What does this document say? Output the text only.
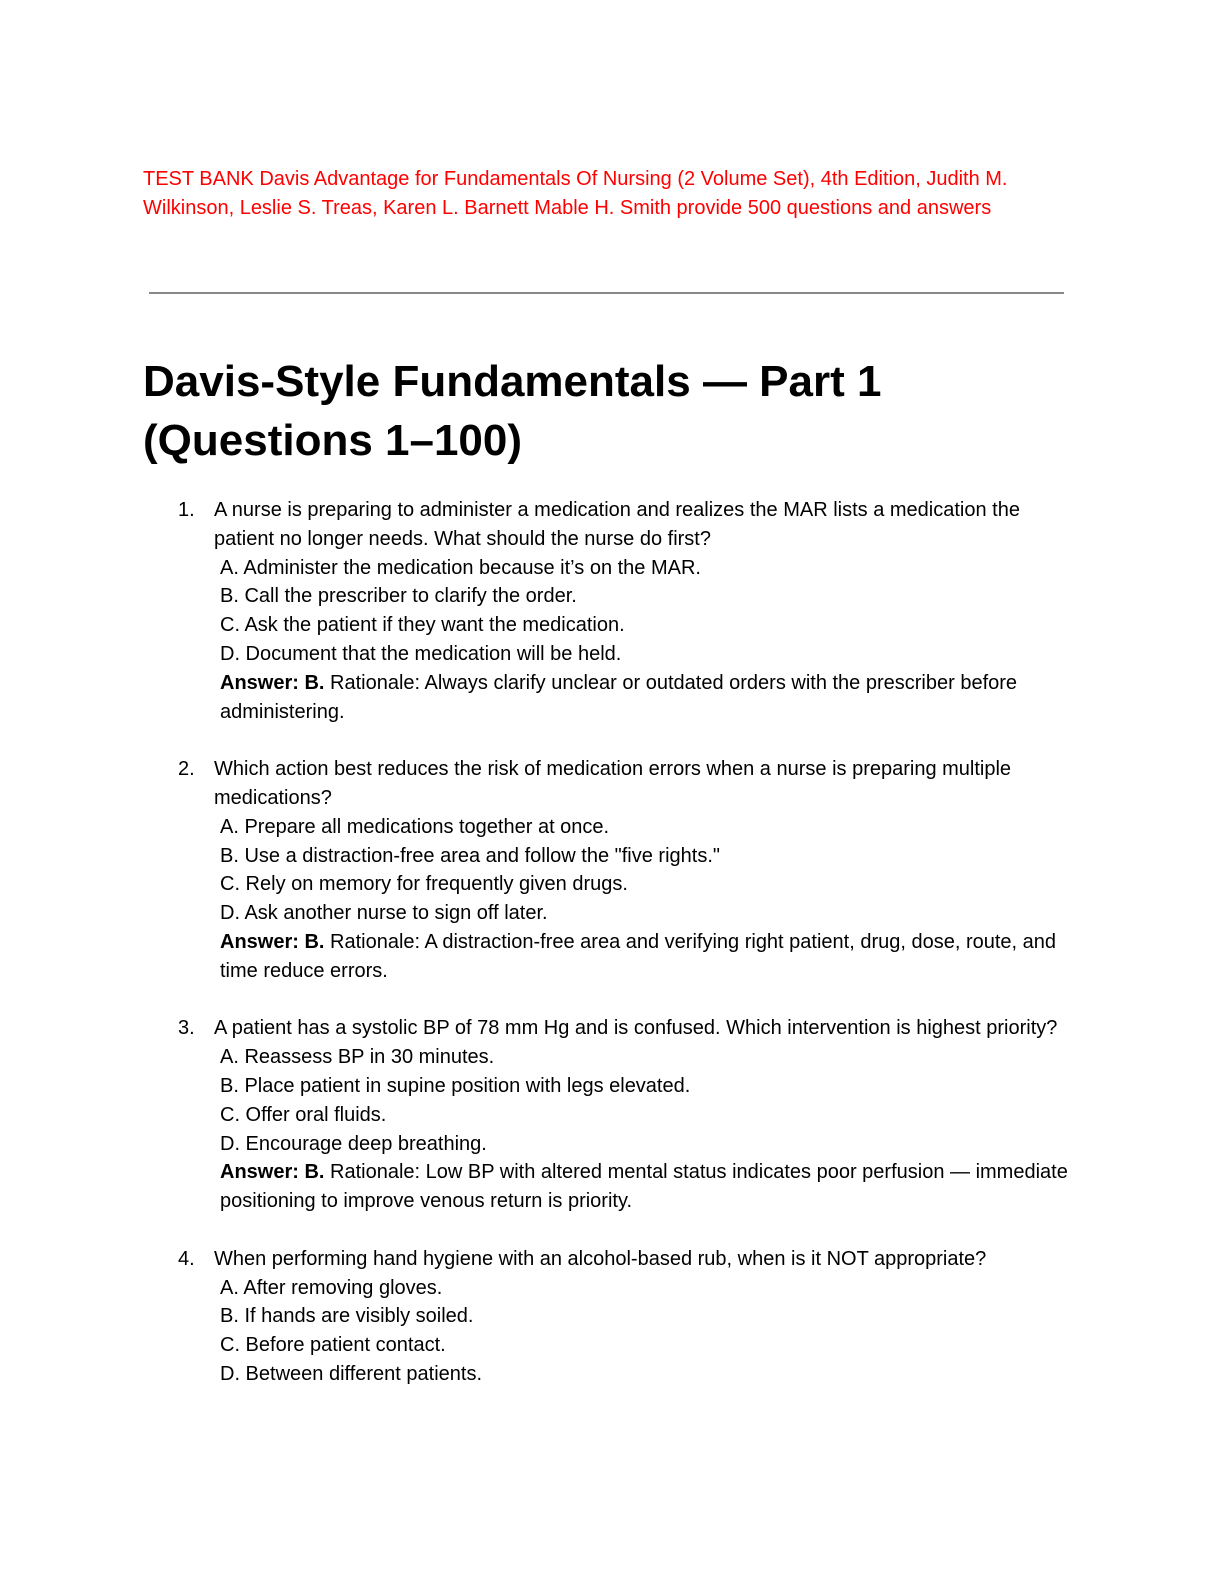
TEST BANK Davis Advantage for Fundamentals Of Nursing (2 Volume Set), 4th Edition, Judith M. Wilkinson, Leslie S. Treas, Karen L. Barnett Mable H. Smith provide 500 questions and answers
Davis-Style Fundamentals — Part 1 (Questions 1–100)
1. A nurse is preparing to administer a medication and realizes the MAR lists a medication the patient no longer needs. What should the nurse do first?
A. Administer the medication because it’s on the MAR.
B. Call the prescriber to clarify the order.
C. Ask the patient if they want the medication.
D. Document that the medication will be held.
Answer: B. Rationale: Always clarify unclear or outdated orders with the prescriber before administering.
2. Which action best reduces the risk of medication errors when a nurse is preparing multiple medications?
A. Prepare all medications together at once.
B. Use a distraction-free area and follow the "five rights."
C. Rely on memory for frequently given drugs.
D. Ask another nurse to sign off later.
Answer: B. Rationale: A distraction-free area and verifying right patient, drug, dose, route, and time reduce errors.
3. A patient has a systolic BP of 78 mm Hg and is confused. Which intervention is highest priority?
A. Reassess BP in 30 minutes.
B. Place patient in supine position with legs elevated.
C. Offer oral fluids.
D. Encourage deep breathing.
Answer: B. Rationale: Low BP with altered mental status indicates poor perfusion — immediate positioning to improve venous return is priority.
4. When performing hand hygiene with an alcohol-based rub, when is it NOT appropriate?
A. After removing gloves.
B. If hands are visibly soiled.
C. Before patient contact.
D. Between different patients.
